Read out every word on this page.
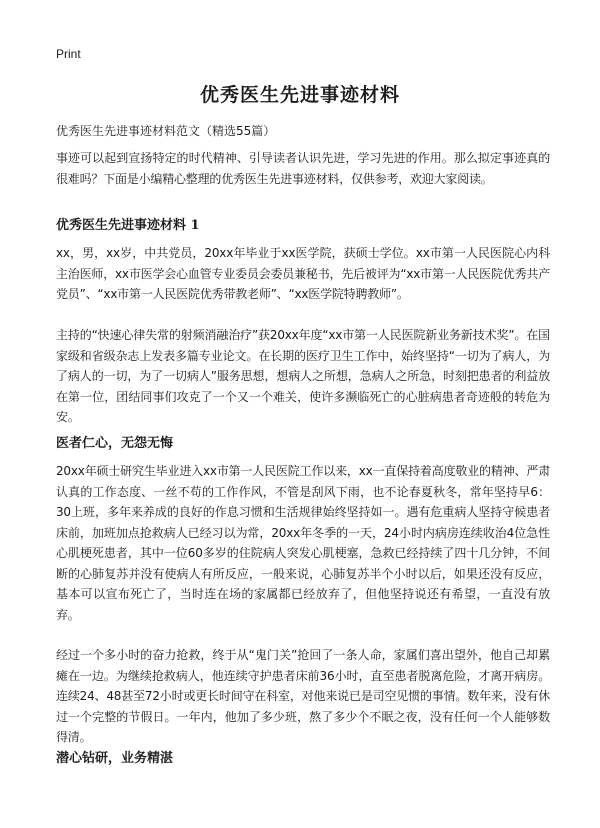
Print
优秀医生先进事迹材料

优秀医生先进事迹材料范文（精选55篇）

事迹可以起到宣扬特定的时代精神、引导读者认识先进，学习先进的作用。那么拟定事迹真的很难吗？下面是小编精心整理的优秀医生先进事迹材料，仅供参考，欢迎大家阅读。

优秀医生先进事迹材料 1

xx，男，xx岁，中共党员，20xx年毕业于xx医学院，获硕士学位。xx市第一人民医院心内科主治医师，xx市医学会心血管专业委员会委员兼秘书，先后被评为“xx市第一人民医院优秀共产党员”、“xx市第一人民医院优秀带教老师”、“xx医学院特聘教师”。

主持的“快速心律失常的射频消融治疗”获20xx年度“xx市第一人民医院新业务新技术奖”。在国家级和省级杂志上发表多篇专业论文。在长期的医疗卫生工作中，始终坚持“一切为了病人，为了病人的一切，为了一切病人”服务思想，想病人之所想，急病人之所急，时刻把患者的利益放在第一位，团结同事们攻克了一个又一个难关，使许多濒临死亡的心脏病患者奇迹般的转危为安。

医者仁心，无怨无悔

20xx年硕士研究生毕业进入xx市第一人民医院工作以来，xx一直保持着高度敬业的精神、严肃认真的工作态度、一丝不苟的工作作风，不管是刮风下雨，也不论春夏秋冬，常年坚持早6：30上班，多年来养成的良好的作息习惯和生活规律始终坚持如一。遇有危重病人坚持守候患者床前，加班加点抢救病人已经习以为常，20xx年冬季的一天，24小时内病房连续收治4位急性心肌梗死患者，其中一位60多岁的住院病人突发心肌梗塞，急救已经持续了四十几分钟，不间断的心肺复苏并没有使病人有所反应，一般来说，心肺复苏半个小时以后，如果还没有反应，基本可以宣布死亡了，当时连在场的家属都已经放弃了，但他坚持说还有希望，一直没有放弃。

经过一个多小时的奋力抢救，终于从“鬼门关”抢回了一条人命，家属们喜出望外，他自己却累瘫在一边。为继续抢救病人，他连续守护患者床前36小时，直至患者脱离危险，才离开病房。连续24、48甚至72小时或更长时间守在科室，对他来说已是司空见惯的事情。数年来，没有休过一个完整的节假日。一年内，他加了多少班，熬了多少个不眠之夜，没有任何一个人能够数得清。

潜心钻研，业务精湛
